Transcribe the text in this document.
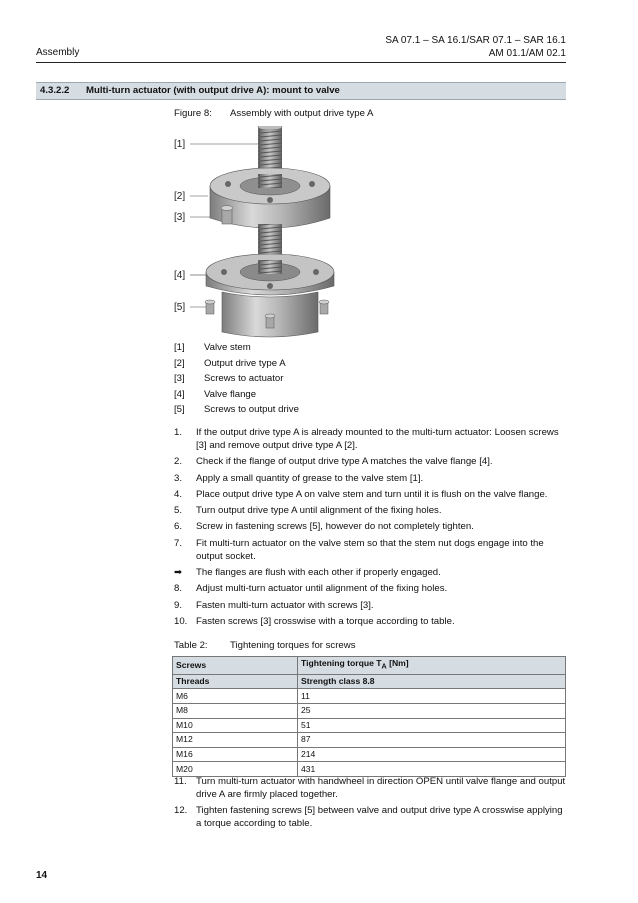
SA 07.1 – SA 16.1/SAR 07.1 – SAR 16.1
AM 01.1/AM 02.1
Assembly
4.3.2.2 Multi-turn actuator (with output drive A): mount to valve
Figure 8: Assembly with output drive type A
[1]
[2]
[3]
[4]
[5]
[1] Valve stem
[2] Output drive type A
[3] Screws to actuator
[4] Valve flange
[5] Screws to output drive
1. If the output drive type A is already mounted to the multi-turn actuator: Loosen screws [3] and remove output drive type A [2].
2. Check if the flange of output drive type A matches the valve flange [4].
3. Apply a small quantity of grease to the valve stem [1].
4. Place output drive type A on valve stem and turn until it is flush on the valve flange.
5. Turn output drive type A until alignment of the fixing holes.
6. Screw in fastening screws [5], however do not completely tighten.
7. Fit multi-turn actuator on the valve stem so that the stem nut dogs engage into the output socket.
➡ The flanges are flush with each other if properly engaged.
8. Adjust multi-turn actuator until alignment of the fixing holes.
9. Fasten multi-turn actuator with screws [3].
10. Fasten screws [3] crosswise with a torque according to table.
Table 2: Tightening torques for screws
Screws	Tightening torque $T_A$ [Nm]
Threads	Strength class 8.8
M6	11
M8	25
M10	51
M12	87
M16	214
M20	431
11. Turn multi-turn actuator with handwheel in direction OPEN until valve flange and output drive A are firmly placed together.
12. Tighten fastening screws [5] between valve and output drive type A crosswise applying a torque according to table.
14
